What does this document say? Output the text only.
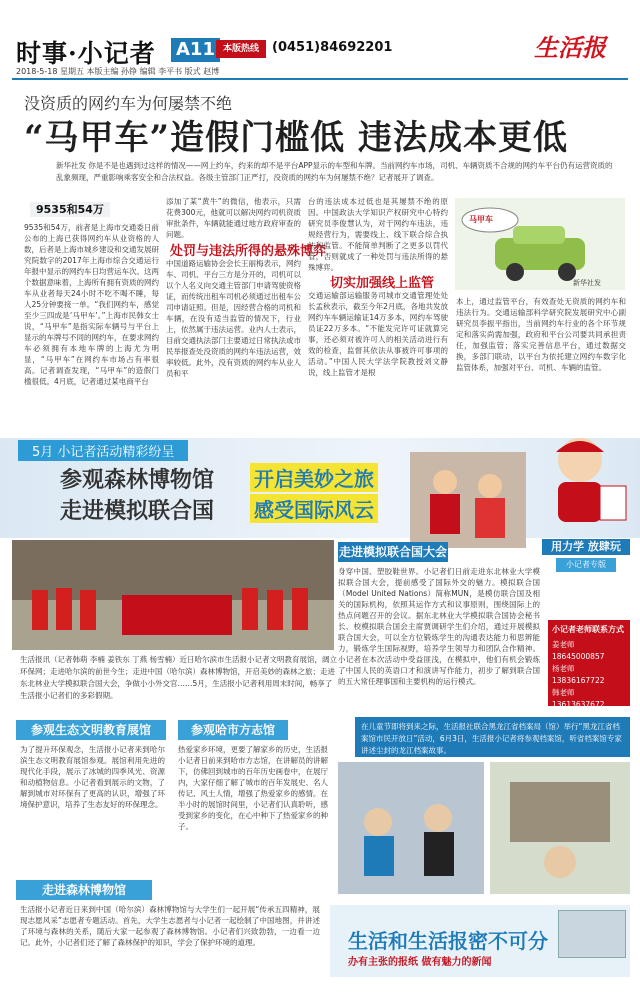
时事·小记者 A11 本版热线	(0451)84692201	生活报
2018-5-18 星期五 本版主编 孙铮 编辑 李平书 版式 赵博
没资质的网约车为何屡禁不绝
“马甲车”造假门槛低 违法成本更低
新华社发 你是不是也遇到过这样的情况——网上约车，约来的却不是平台APP显示的车型和车牌。当前网约车市场，司机、车辆资质不合规的网约车平台仍有运营资质的乱象频现，严重影响乘客安全和合法权益。各级主管部门正严打，没资质的网约车为何屡禁不绝？记者展开了调查。
9535和54万
9535和54万，前者是上海市交通委日前公布的上海已获得网约车从业资格的人数，后者是上海市城乡建设和交通发展研究院数字的2017年上海市综合交通运行年报中显示的网约车日均营运车次。这两个数据意味着，上海所有拥有资质的网约车从业者每天24小时不吃不喝不睡，每人25分钟要接一单。“我们网约车，感觉至少三四成是‘马甲车’。”上海市民韩女士说，“马甲车”是指实际车辆号与平台上显示的车牌号不同的网约车，在要求网约车必须拥有本地车牌的上海尤为明显，“马甲车”在网约车市场占有率很高。记者调查发现，“马甲车”的造假门槛很低。4月底，记者通过某电商平台
添加了某“黄牛”的微信，他表示，只需花费300元，他就可以解决网约司机资质审批条件，车辆就能通过地方政府审查的问题。
处罚与违法所得的悬殊博弈
中国道路运输协会会长王丽梅表示，网约车、司机、平台三方是分开的，司机可以以个人名义向交通主管部门申请驾驶资格证，而传统出租车司机必须通过出租车公司申请证照。但是，因经营合格的司机和车辆，在没有适当监管的情况下，行业上，依然属于违法运营。业内人士表示，目前交通执法部门主要通过日常执法或市民举报查处没资质的网约车违法运营，效率较低。此外，没有资质的网约车从业人员和平
台的违法成本过低也是其屡禁不绝的原因。中国政法大学知识产权研究中心特约研究员李俊慧认为，对于网约车违法，违规经营行为，需要线上、线下联合综合执法和监管。不能简单判断了之更多以罚代管，否则就成了一种处罚与违法所得的悬殊博弈。
切实加强线上监管
交通运输部运输服务司城市交通管理处处长孟秋表示，截至今年2月底，各地共发放网约车车辆运输证14万多本，网约车驾驶员证22万多本。“不能发完许可证就算完事，还必须对被许可人的相关活动进行有效的检查，监督其依法从事被许可事项的活动。”中国人民大学法学院教授刘文静说，线上监管才是根
马甲车
新华社发
本上，通过监管平台，有效查处无资质的网约车和违法行为。交通运输部科学研究院发展研究中心副研究员李振平指出，当前网约车行业的各个环节规定和落实尚需加强，政府和平台公司要共同承担责任，加强监管；落实完善信息平台，通过数据交换，多部门联动，以平台为依托建立网约车数字化监管体系，加强对平台、司机、车辆的监管。
5月 小记者活动精彩纷呈
参观森林博物馆 开启美妙之旅
走进模拟联合国 感受国际风云
用力学 放肆玩
小记者专版
生活报讯（记者韩萌 李楠 姜铁东 丁燕 杨雪楠）近日哈尔滨市生活报小记者文明教育展馆，阔立环保网；走进哈尔滨的前世今生；走进中国（哈尔滨）森林博物馆，开启美妙的森林之旅；走进东北林业大学模拟联合国大会，争做小小外交官……5月，生活报小记者利用周末时间，畅享了生活报小记者们的多彩假期。
走进模拟联合国大会
身穿中国、塑胶鞋世界。小记者们日前走进东北林业大学模拟联合国大会，提前感受了国际外交的魅力。模拟联合国（Model United Nations）简称MUN，是模仿联合国及相关的国际机构，依照其运作方式和议事原则，围绕国际上的热点问题召开的会议。据东北林业大学模拟联合国协会秘书长、校模拟联合国会主席贾调研学生们介绍，通过开展模拟联合国大会，可以全方位锻炼学生的沟通表达能力和思辨能力，锻炼学生国际视野，培养学生领导力和团队合作精神。小记者在本次活动中受益匪浅，在模拟中，他们有机会锻炼了中国人民的英语口才和演讲写作能力，初步了解到联合国的五大常任理事国和主要机构的运行模式。
小记者老师联系方式
姜老师 18645000857
杨老师 13836167722
韩老师 13613637672
在儿童节即将到来之际，生活报社联合黑龙江省档案局（馆）举行“黑龙江省档案馆市民开放日”活动，6月3日，生活报小记者将参观档案馆，听省档案馆专家讲述尘封的龙江档案故事。
参观生态文明教育展馆
为了提升环保观念，生活报小记者来到哈尔滨生态文明教育展馆参观。展馆利用先进的现代化手段，展示了冰城的四季风光、资源和动植物信息。小记者看到展示的文物，了解到城市对环保有了更高的认识，增强了环境保护意识，培养了生态友好的环保理念。
参观哈市方志馆
热爱家乡环境，更要了解家乡的历史，生活报小记者日前来到哈市方志馆，在讲解员的讲解下，仿佛回到城市的百年历史画卷中，在展厅内，大家仔细了解了城市的百年发展史、名人传记、风土人情，增强了热爱家乡的感情。在半小时的展馆时间里，小记者们认真聆听，感受到家乡的变化，在心中种下了热爱家乡的种子。
走进森林博物馆
生活报小记者近日来到中国（哈尔滨）森林博物馆与大学生们一起开展“传承五四精神，展现志愿风采”志愿者专题活动。首先，大学生志愿者与小记者一起绘制了中国地图，并讲述了环境与森林的关系，随后大家一起参观了森林博物馆。小记者们兴致勃勃，一边看一边记。此外，小记者们还了解了森林保护的知识，学会了保护环境的道理。	生活和生活报密不可分
办有主张的报纸 做有魅力的新闻
